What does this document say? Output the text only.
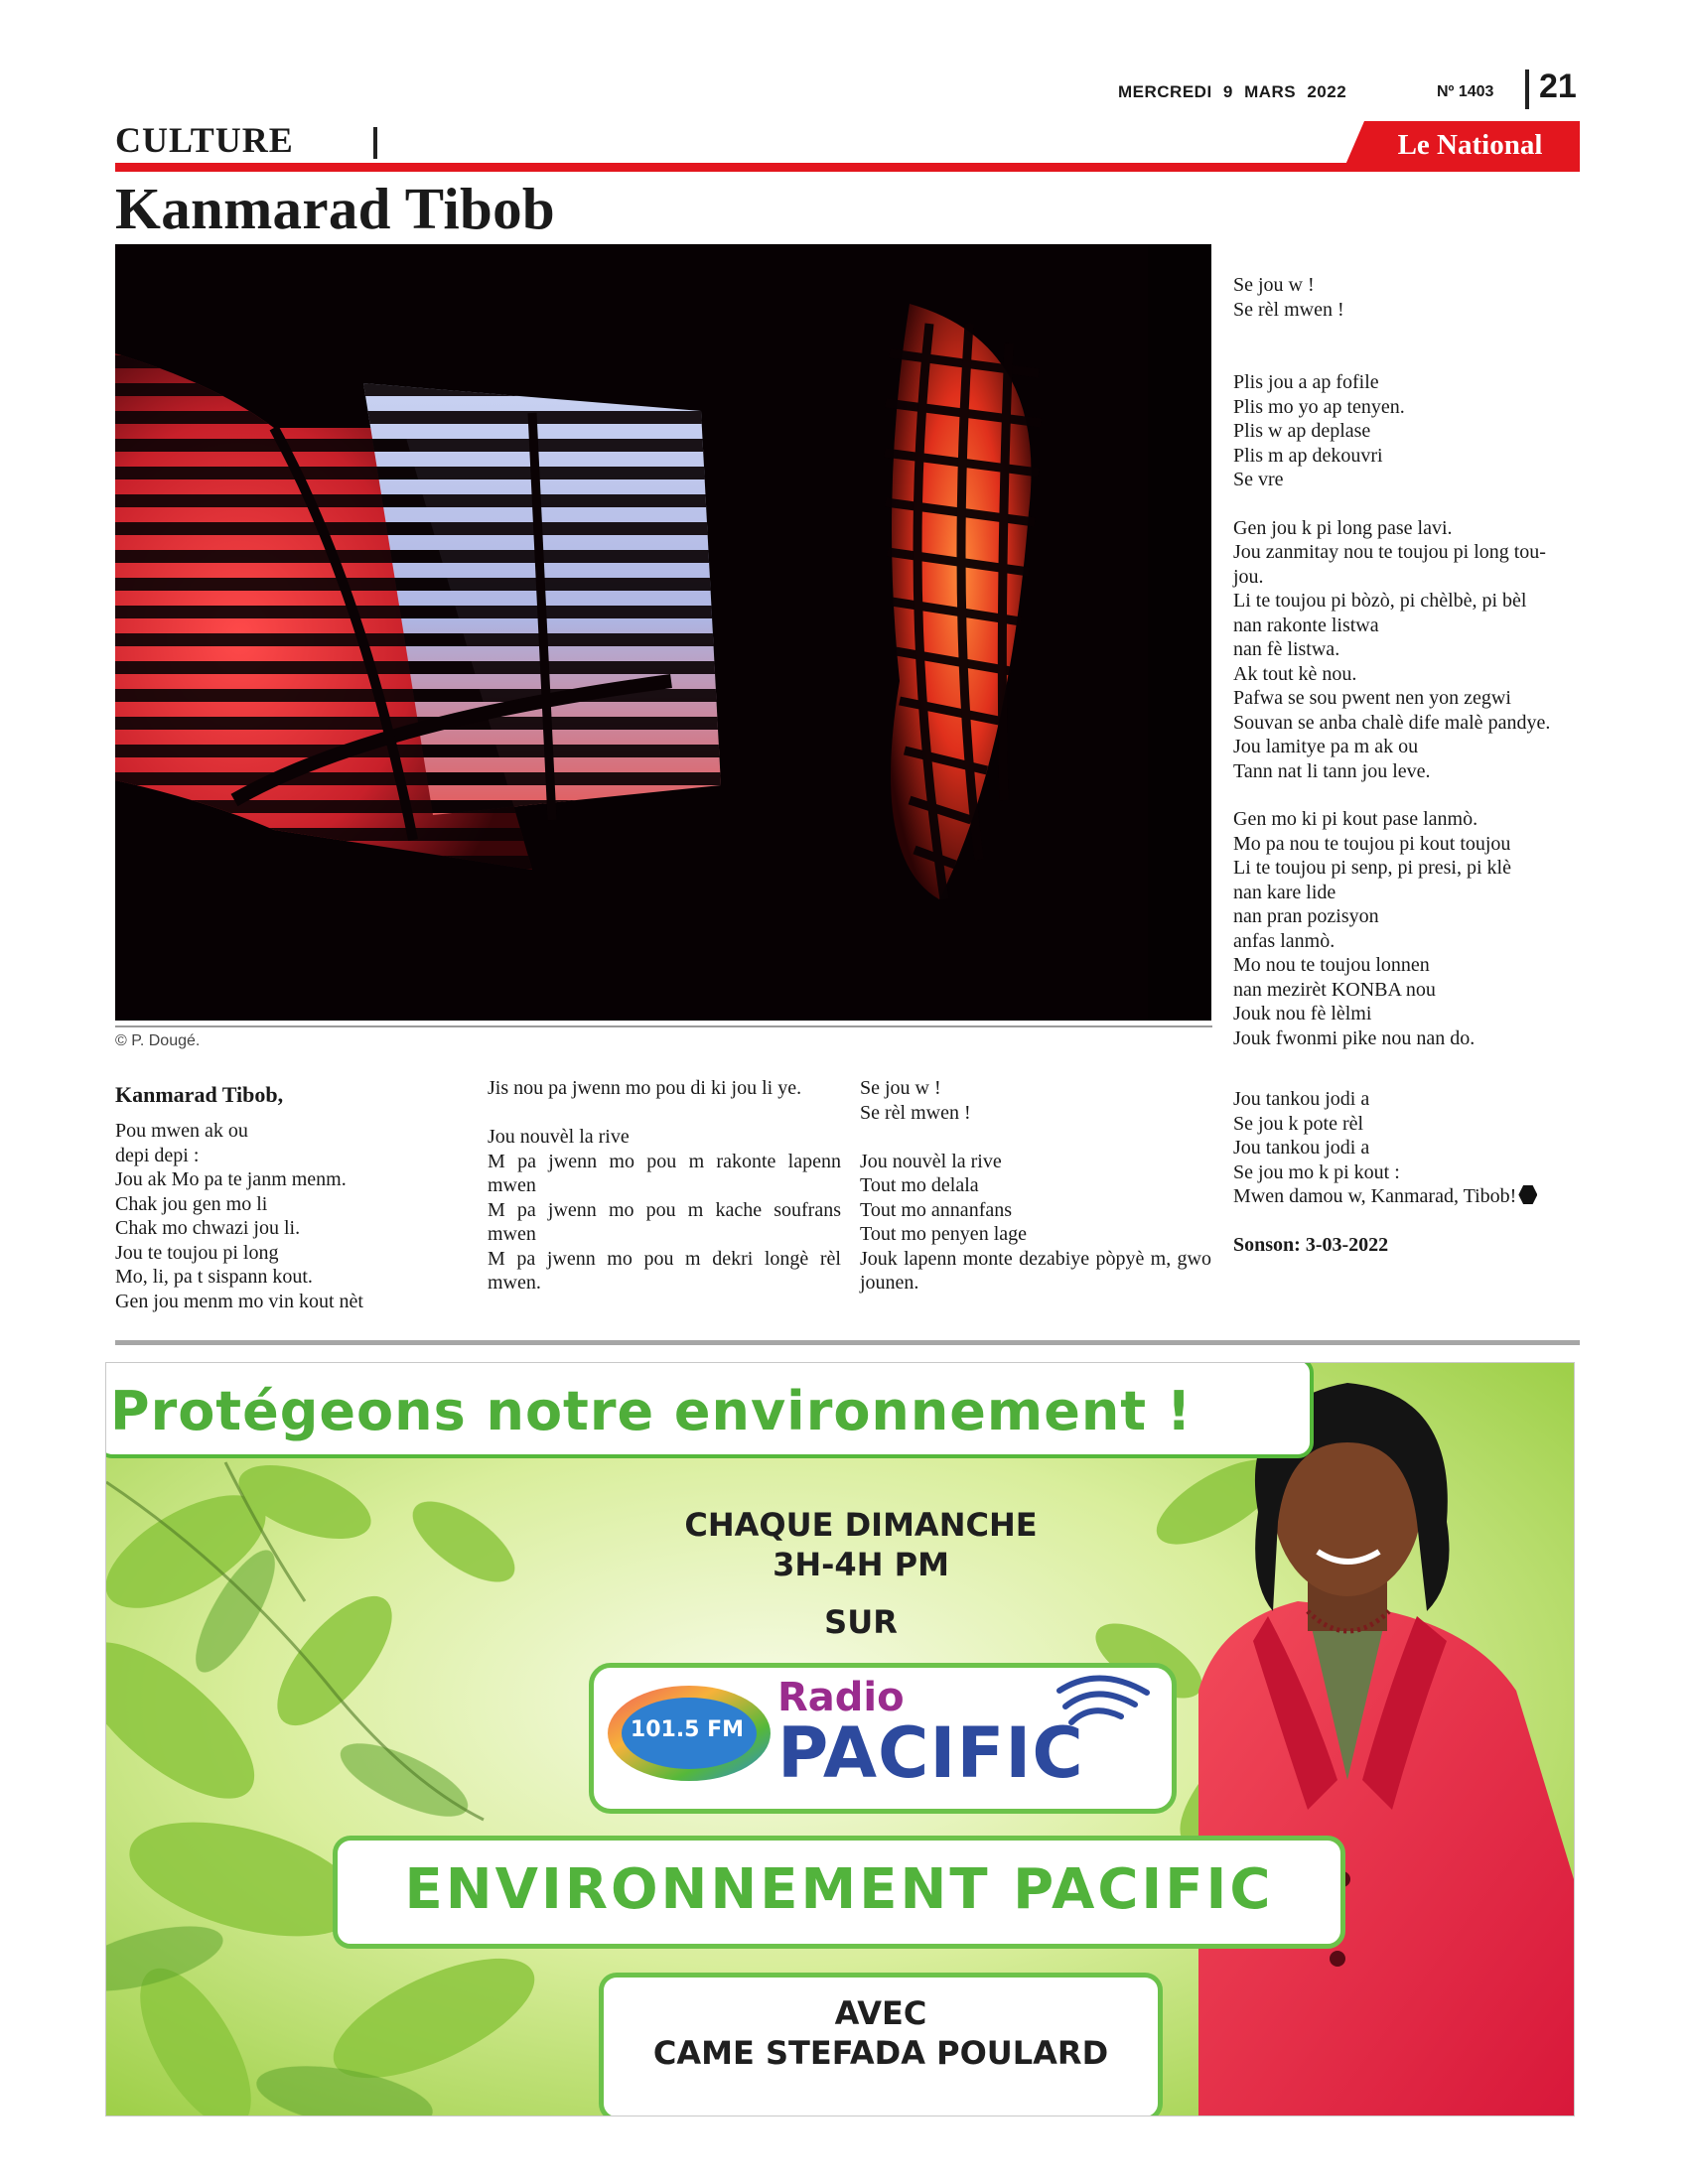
MERCREDI 9 MARS 2022	Nº 1403 21
CULTURE	Le National
Kanmarad Tibob
© P. Dougé.
Kanmarad Tibob,
Pou mwen ak ou
depi depi :
Jou ak Mo pa te janm menm.
Chak jou gen mo li
Chak mo chwazi jou li.
Jou te toujou pi long
Mo, li, pa t sispann kout.
Gen jou menm mo vin kout nèt
Jis nou pa jwenn mo pou di ki jou li ye.

Jou nouvèl la rive
M pa jwenn mo pou m rakonte lapenn mwen
M pa jwenn mo pou m kache soufrans mwen
M pa jwenn mo pou m dekri longè rèl mwen.
Se jou w !
Se rèl mwen !

Jou nouvèl la rive
Tout mo delala
Tout mo annanfans
Tout mo penyen lage
Jouk lapenn monte dezabiye pòpyè m, gwo jounen.

Se jou w !
Se rèl mwen !

Plis jou a ap fofile
Plis mo yo ap tenyen.
Plis w ap deplase
Plis m ap dekouvri
Se vre

Gen jou k pi long pase lavi.
Jou zanmitay nou te toujou pi long tou-
jou.
Li te toujou pi bòzò, pi chèlbè, pi bèl
nan rakonte listwa
nan fè listwa.
Ak tout kè nou.
Pafwa se sou pwent nen yon zegwi
Souvan se anba chalè dife malè pandye.
Jou lamitye pa m ak ou
Tann nat li tann jou leve.

Gen mo ki pi kout pase lanmò.
Mo pa nou te toujou pi kout toujou
Li te toujou pi senp, pi presi, pi klè
nan kare lide
nan pran pozisyon
anfas lanmò.
Mo nou te toujou lonnen
nan mezirèt KONBA nou
Jouk nou fè lèlmi
Jouk fwonmi pike nou nan do.

Jou tankou jodi a
Se jou k pote rèl
Jou tankou jodi a
Se jou mo k pi kout :
Mwen damou w, Kanmarad, Tibob!

Sonson: 3-03-2022

Protégeons notre environnement !
CHAQUE DIMANCHE
3H-4H PM
SUR
101.5 FM
Radio
PACIFIC
ENVIRONNEMENT PACIFIC
AVEC
CAME STEFADA POULARD
